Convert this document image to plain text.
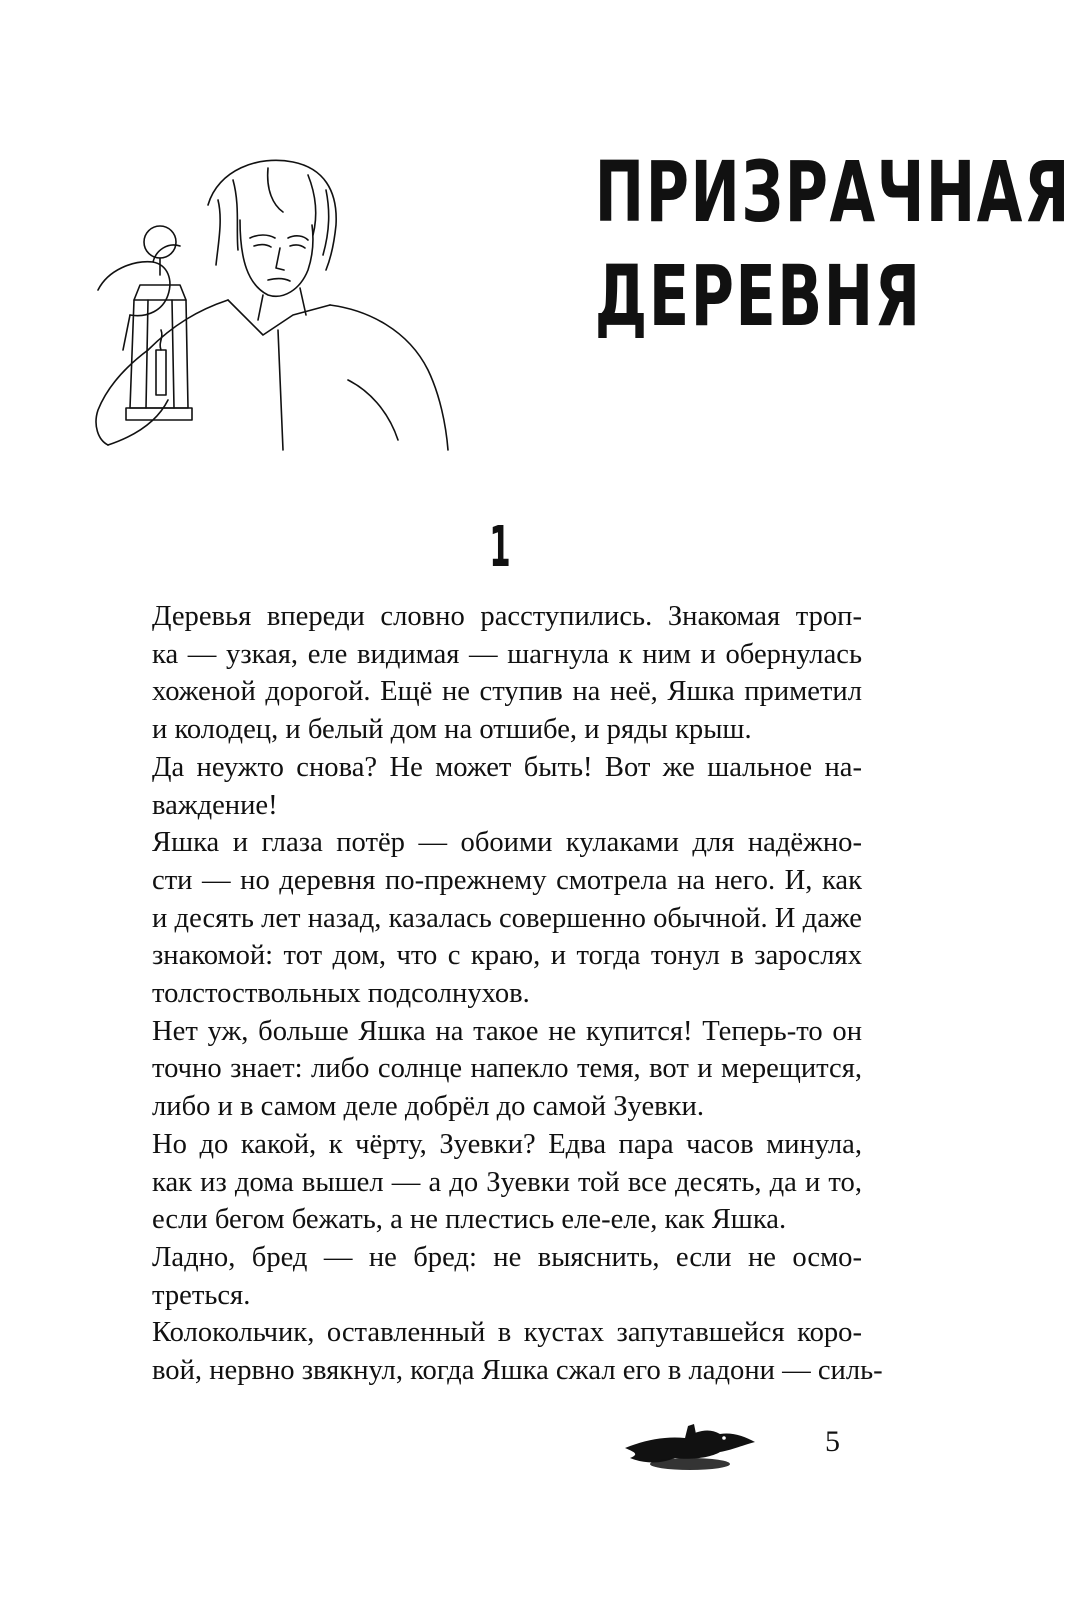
ПРИЗРАЧНАЯ
ДЕРЕВНЯ
1
Деревья впереди словно расступились. Знакомая троп-
ка — узкая, еле видимая — шагнула к ним и обернулась
хоженой дорогой. Ещё не ступив на неё, Яшка приметил
и колодец, и белый дом на отшибе, и ряды крыш.
Да неужто снова? Не может быть! Вот же шальное на-
важдение!
Яшка и глаза потёр — обоими кулаками для надёжно-
сти — но деревня по-прежнему смотрела на него. И, как
и десять лет назад, казалась совершенно обычной. И даже
знакомой: тот дом, что с краю, и тогда тонул в зарослях
толстоствольных подсолнухов.
Нет уж, больше Яшка на такое не купится! Теперь-то он
точно знает: либо солнце напекло темя, вот и мерещится,
либо и в самом деле добрёл до самой Зуевки.
Но до какой, к чёрту, Зуевки? Едва пара часов минула,
как из дома вышел — а до Зуевки той все десять, да и то,
если бегом бежать, а не плестись еле-еле, как Яшка.
Ладно, бред — не бред: не выяснить, если не осмо-
треться.
Колокольчик, оставленный в кустах запутавшейся коро-
вой, нервно звякнул, когда Яшка сжал его в ладони — силь-
5
